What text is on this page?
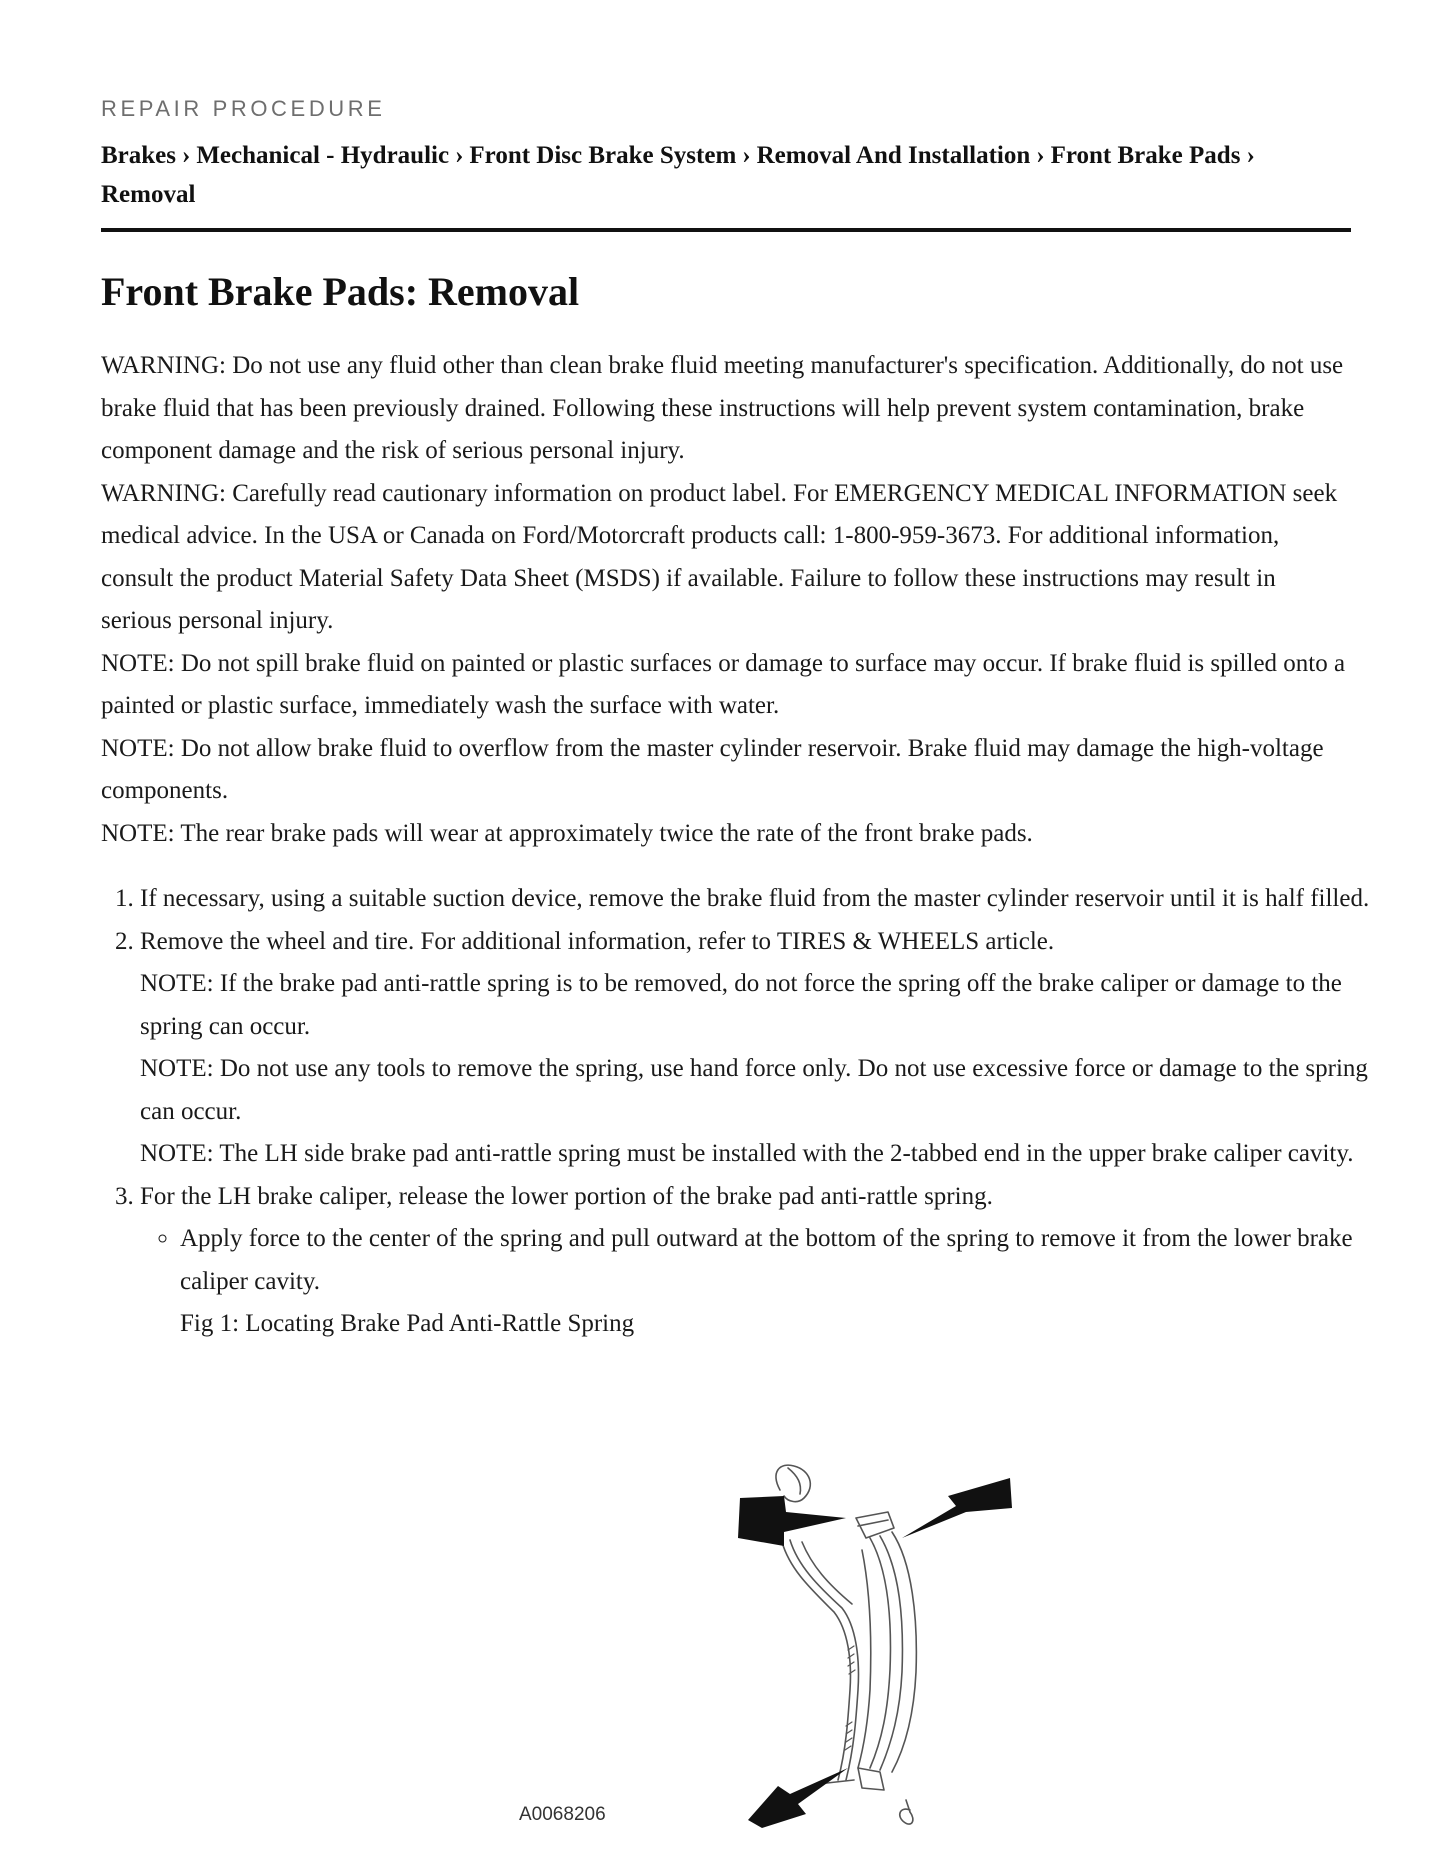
REPAIR PROCEDURE
Brakes › Mechanical - Hydraulic › Front Disc Brake System › Removal And Installation › Front Brake Pads ›
Removal
Front Brake Pads: Removal

WARNING: Do not use any fluid other than clean brake fluid meeting manufacturer's specification. Additionally, do not use brake fluid that has been previously drained. Following these instructions will help prevent system contamination, brake component damage and the risk of serious personal injury.

WARNING: Carefully read cautionary information on product label. For EMERGENCY MEDICAL INFORMATION seek medical advice. In the USA or Canada on Ford/Motorcraft products call: 1-800-959-3673. For additional information, consult the product Material Safety Data Sheet (MSDS) if available. Failure to follow these instructions may result in serious personal injury.

NOTE: Do not spill brake fluid on painted or plastic surfaces or damage to surface may occur. If brake fluid is spilled onto a painted or plastic surface, immediately wash the surface with water.

NOTE: Do not allow brake fluid to overflow from the master cylinder reservoir. Brake fluid may damage the high-voltage components.

NOTE: The rear brake pads will wear at approximately twice the rate of the front brake pads.

1. If necessary, using a suitable suction device, remove the brake fluid from the master cylinder reservoir until it is half filled.
2. Remove the wheel and tire. For additional information, refer to TIRES & WHEELS article.
NOTE: If the brake pad anti-rattle spring is to be removed, do not force the spring off the brake caliper or damage to the spring can occur.
NOTE: Do not use any tools to remove the spring, use hand force only. Do not use excessive force or damage to the spring can occur.
NOTE: The LH side brake pad anti-rattle spring must be installed with the 2-tabbed end in the upper brake caliper cavity.
3. For the LH brake caliper, release the lower portion of the brake pad anti-rattle spring.
◦ Apply force to the center of the spring and pull outward at the bottom of the spring to remove it from the lower brake caliper cavity.
Fig 1: Locating Brake Pad Anti-Rattle Spring
A0068206
